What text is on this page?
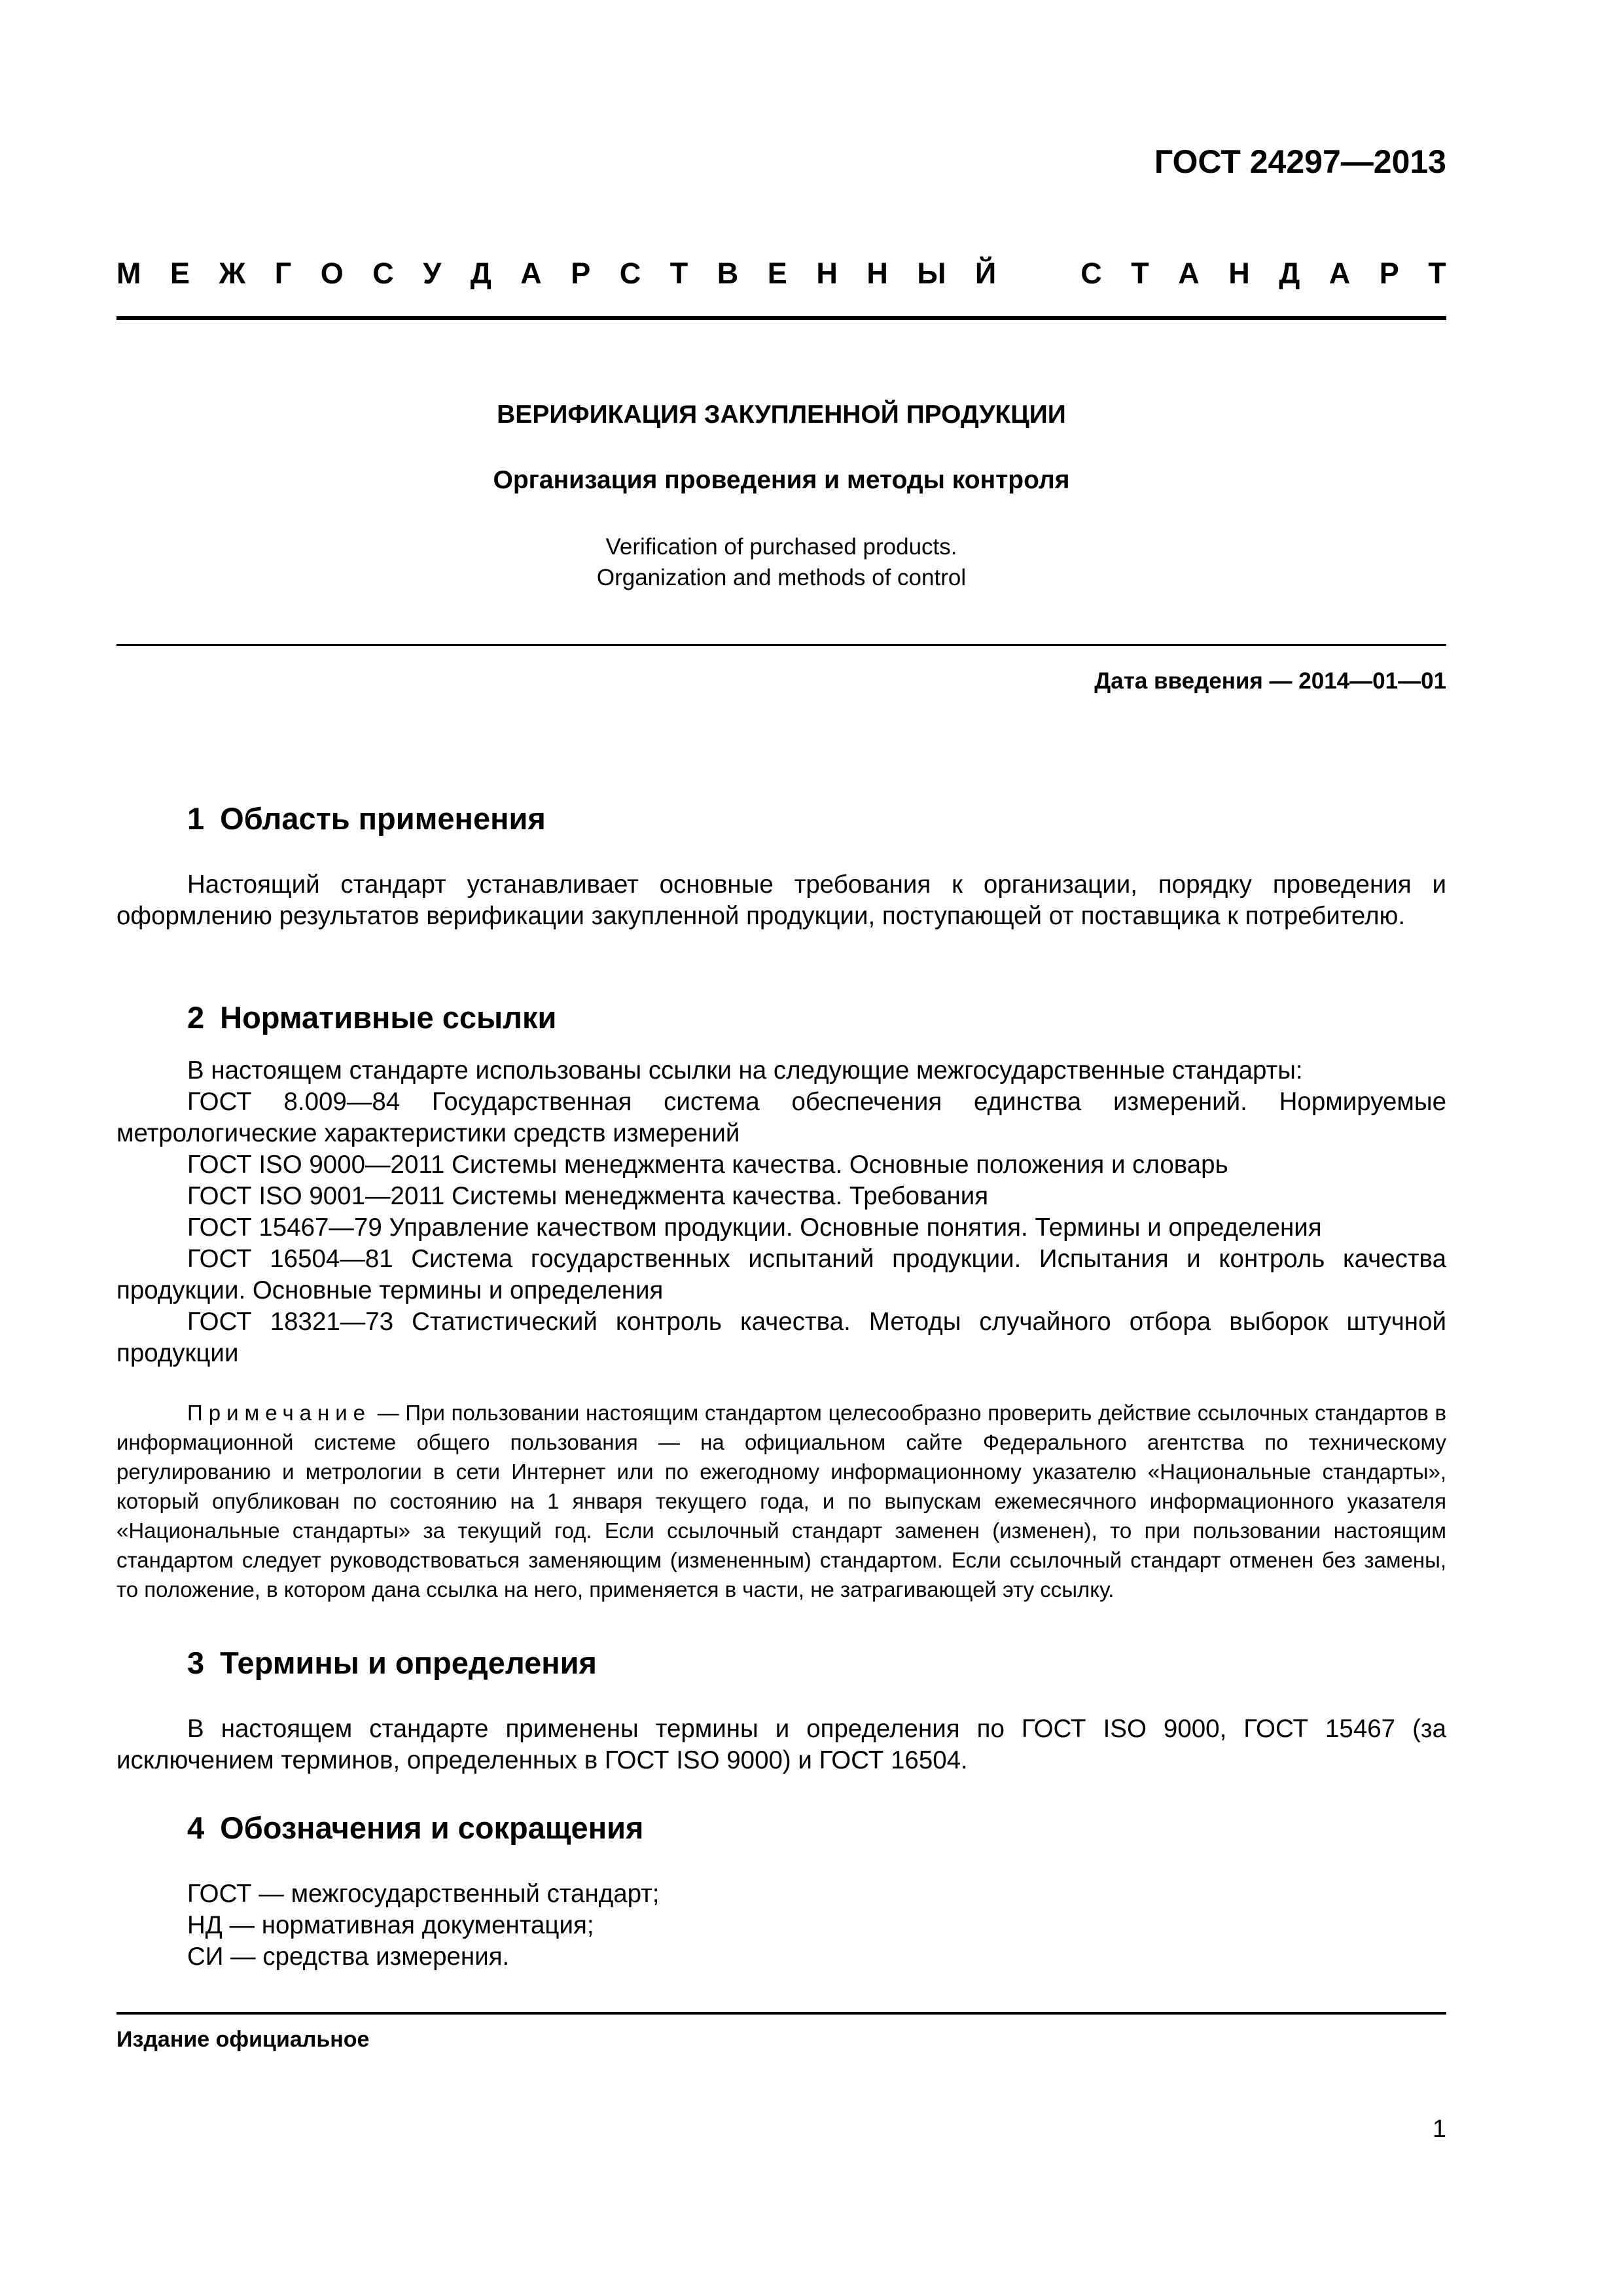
ГОСТ 24297—2013

М Е Ж Г О С У Д А Р С Т В Е Н Н Ы Й	С Т А Н Д А Р Т
ВЕРИФИКАЦИЯ ЗАКУПЛЕННОЙ ПРОДУКЦИИ
Организация проведения и методы контроля

Verification of purchased products.
Organization and methods of control

Дата введения — 2014—01—01

1 Область применения

Настоящий стандарт устанавливает основные требования к организации, порядку проведения и оформлению результатов верификации закупленной продукции, поступающей от поставщика к потребителю.

2 Нормативные ссылки

В настоящем стандарте использованы ссылки на следующие межгосударственные стандарты:

ГОСТ 8.009—84 Государственная система обеспечения единства измерений. Нормируемые метрологические характеристики средств измерений

ГОСТ ISO 9000—2011 Системы менеджмента качества. Основные положения и словарь

ГОСТ ISO 9001—2011 Системы менеджмента качества. Требования

ГОСТ 15467—79 Управление качеством продукции. Основные понятия. Термины и определения

ГОСТ 16504—81 Система государственных испытаний продукции. Испытания и контроль качества продукции. Основные термины и определения

ГОСТ 18321—73 Статистический контроль качества. Методы случайного отбора выборок штучной продукции

Примечание — При пользовании настоящим стандартом целесообразно проверить действие ссылочных стандартов в информационной системе общего пользования — на официальном сайте Федерального агентства по техническому регулированию и метрологии в сети Интернет или по ежегодному информационному указателю «Национальные стандарты», который опубликован по состоянию на 1 января текущего года, и по выпускам ежемесячного информационного указателя «Национальные стандарты» за текущий год. Если ссылочный стандарт заменен (изменен), то при пользовании настоящим стандартом следует руководствоваться заменяющим (измененным) стандартом. Если ссылочный стандарт отменен без замены, то положение, в котором дана ссылка на него, применяется в части, не затрагивающей эту ссылку.

3 Термины и определения

В настоящем стандарте применены термины и определения по ГОСТ ISO 9000, ГОСТ 15467 (за исключением терминов, определенных в ГОСТ ISO 9000) и ГОСТ 16504.

4 Обозначения и сокращения
ГОСТ — межгосударственный стандарт;
НД — нормативная документация;
СИ — средства измерения.

Издание официальное

1
